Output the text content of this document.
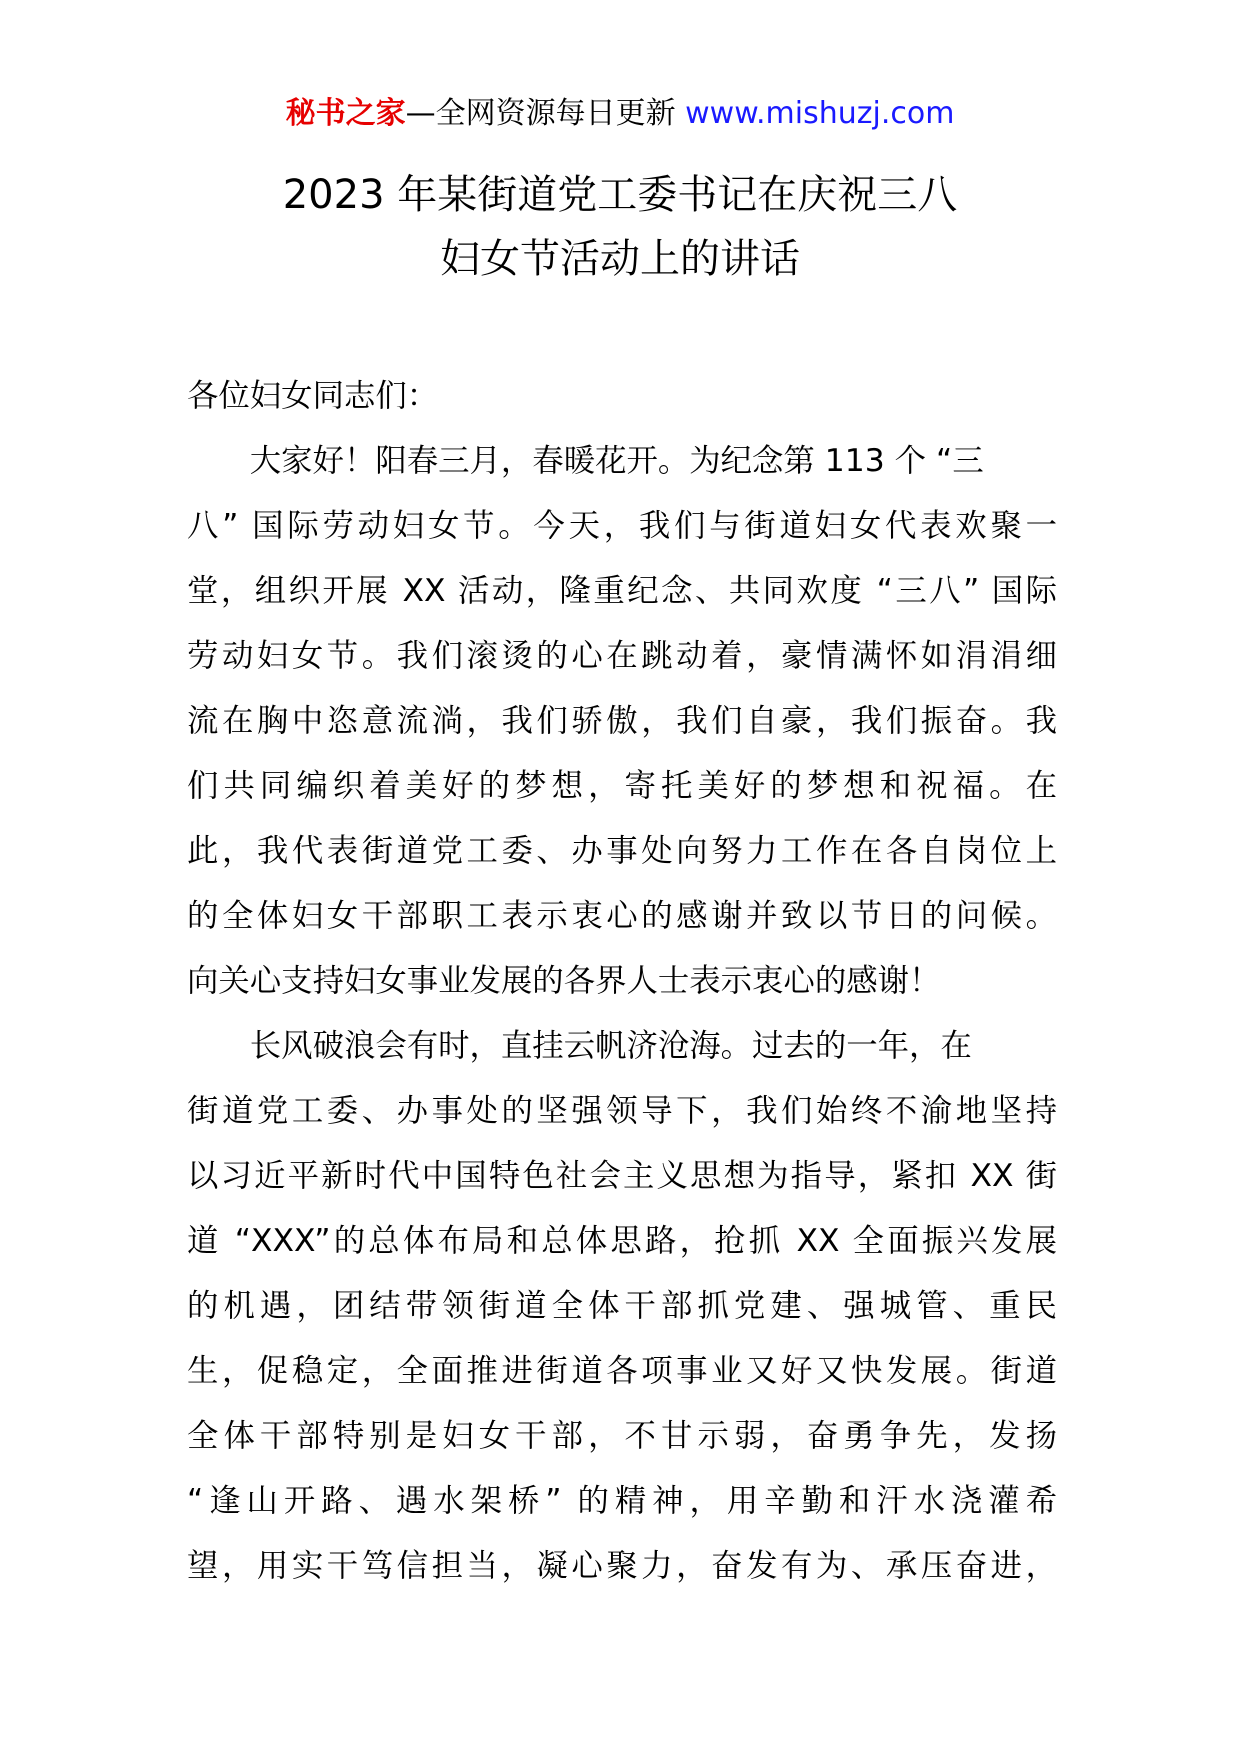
秘书之家—全网资源每日更新 www.mishuzj.com
2023 年某街道党工委书记在庆祝三八
妇女节活动上的讲话
各位妇女同志们：
　　大家好！阳春三月，春暖花开。为纪念第 113 个 “三
八” 国际劳动妇女节。今天，我们与街道妇女代表欢聚一
堂，组织开展 XX 活动，隆重纪念、共同欢度 “三八” 国际
劳动妇女节。我们滚烫的心在跳动着，豪情满怀如涓涓细
流在胸中恣意流淌，我们骄傲，我们自豪，我们振奋。我
们共同编织着美好的梦想，寄托美好的梦想和祝福。在
此，我代表街道党工委、办事处向努力工作在各自岗位上
的全体妇女干部职工表示衷心的感谢并致以节日的问候。
向关心支持妇女事业发展的各界人士表示衷心的感谢！
　　长风破浪会有时，直挂云帆济沧海。过去的一年，在
街道党工委、办事处的坚强领导下，我们始终不渝地坚持
以习近平新时代中国特色社会主义思想为指导，紧扣 XX 街
道 “XXX”的总体布局和总体思路，抢抓 XX 全面振兴发展
的机遇，团结带领街道全体干部抓党建、强城管、重民
生，促稳定，全面推进街道各项事业又好又快发展。街道
全体干部特别是妇女干部，不甘示弱，奋勇争先，发扬
“逢山开路、遇水架桥” 的精神，用辛勤和汗水浇灌希
望，用实干笃信担当，凝心聚力，奋发有为、承压奋进，
